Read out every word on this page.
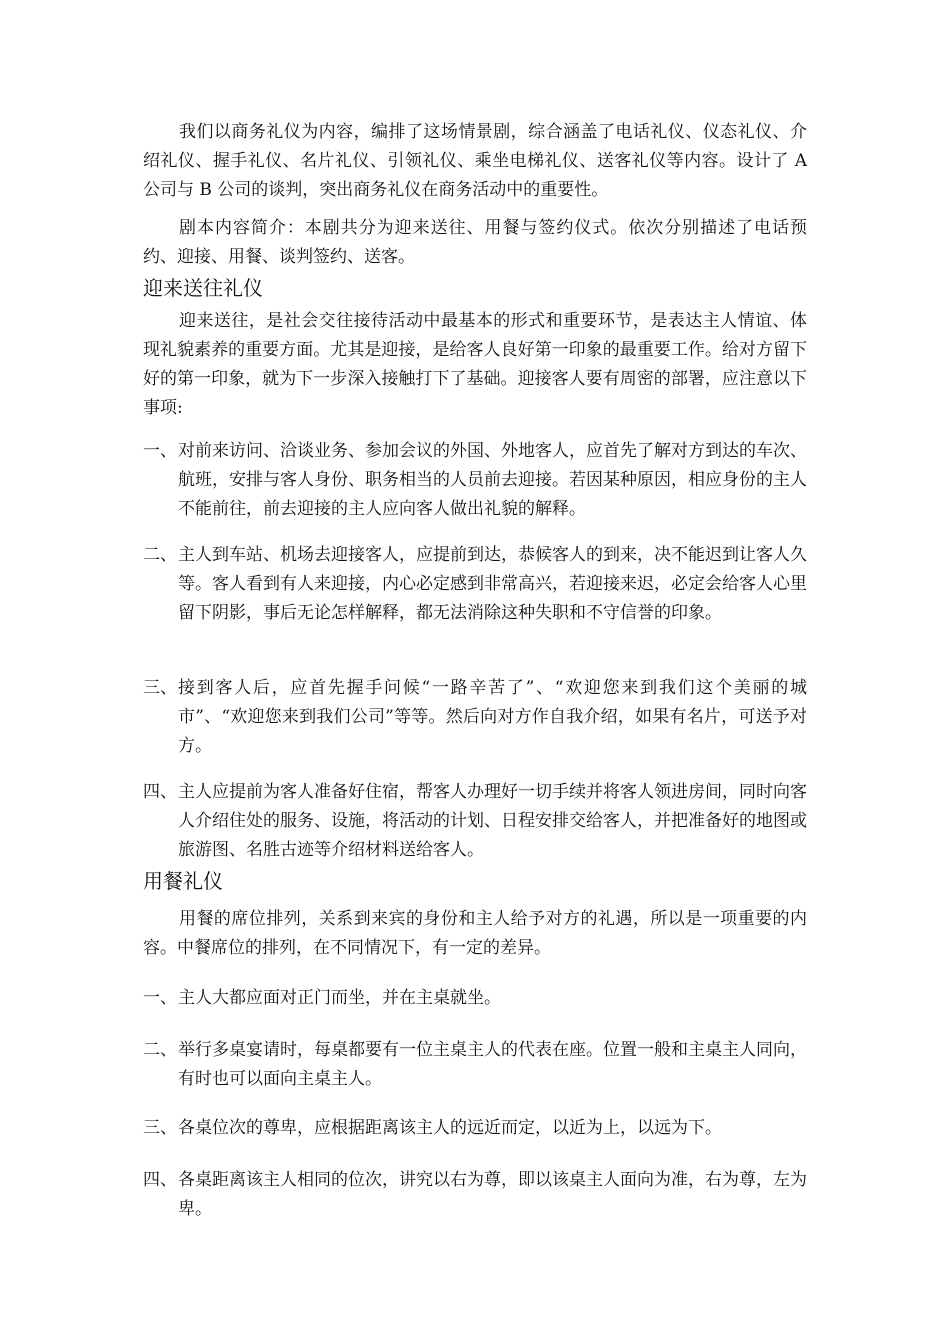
我们以商务礼仪为内容，编排了这场情景剧，综合涵盖了电话礼仪、仪态礼仪、介绍礼仪、握手礼仪、名片礼仪、引领礼仪、乘坐电梯礼仪、送客礼仪等内容。设计了 A 公司与 B 公司的谈判，突出商务礼仪在商务活动中的重要性。

剧本内容简介：本剧共分为迎来送往、用餐与签约仪式。依次分别描述了电话预约、迎接、用餐、谈判签约、送客。

迎来送往礼仪

迎来送往，是社会交往接待活动中最基本的形式和重要环节，是表达主人情谊、体现礼貌素养的重要方面。尤其是迎接，是给客人良好第一印象的最重要工作。给对方留下好的第一印象，就为下一步深入接触打下了基础。迎接客人要有周密的部署，应注意以下事项:

一、 对前来访问、洽谈业务、参加会议的外国、外地客人，应首先了解对方到达的车次、航班，安排与客人身份、职务相当的人员前去迎接。若因某种原因，相应身份的主人不能前往，前去迎接的主人应向客人做出礼貌的解释。
二、 主人到车站、机场去迎接客人，应提前到达，恭候客人的到来，决不能迟到让客人久等。客人看到有人来迎接，内心必定感到非常高兴，若迎接来迟，必定会给客人心里留下阴影，事后无论怎样解释，都无法消除这种失职和不守信誉的印象。
三、 接到客人后，应首先握手问候“一路辛苦了”、“欢迎您来到我们这个美丽的城市”、“欢迎您来到我们公司”等等。然后向对方作自我介绍，如果有名片，可送予对方。
四、 主人应提前为客人准备好住宿，帮客人办理好一切手续并将客人领进房间，同时向客人介绍住处的服务、设施，将活动的计划、日程安排交给客人，并把准备好的地图或旅游图、名胜古迹等介绍材料送给客人。
用餐礼仪

用餐的席位排列，关系到来宾的身份和主人给予对方的礼遇，所以是一项重要的内容。中餐席位的排列，在不同情况下，有一定的差异。

一、 主人大都应面对正门而坐，并在主桌就坐。
二、 举行多桌宴请时，每桌都要有一位主桌主人的代表在座。位置一般和主桌主人同向，有时也可以面向主桌主人。
三、 各桌位次的尊卑，应根据距离该主人的远近而定，以近为上，以远为下。
四、 各桌距离该主人相同的位次，讲究以右为尊，即以该桌主人面向为准，右为尊，左为卑。
